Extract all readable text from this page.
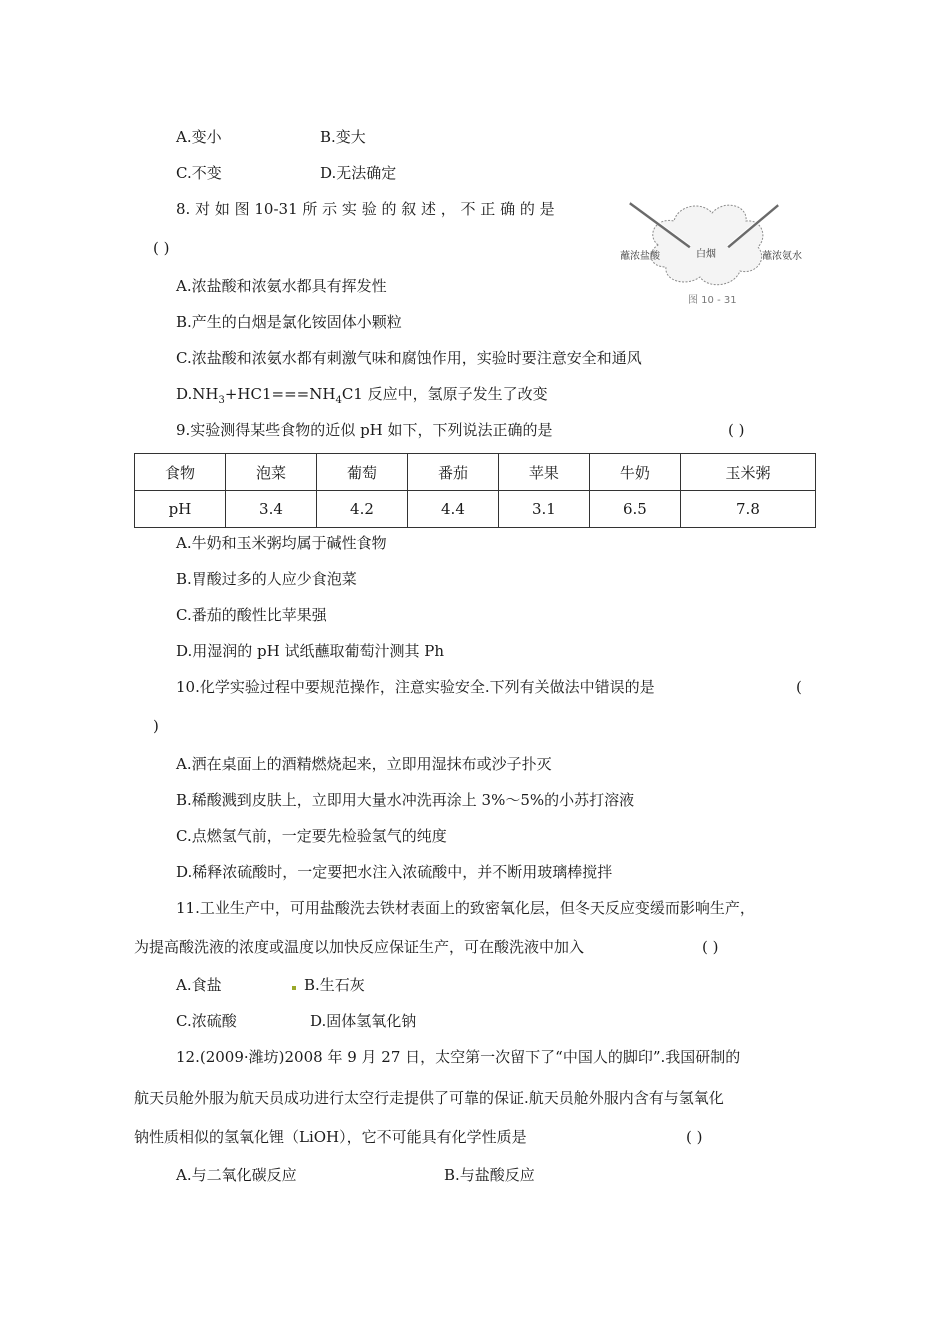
A.变小	B.变大
C.不变	D.无法确定
8. 对 如 图 10-31 所 示 实 验 的 叙 述 ， 不 正 确 的 是
( )	蘸浓盐酸	白烟	蘸浓氨水
图 10 - 31
A.浓盐酸和浓氨水都具有挥发性
B.产生的白烟是氯化铵固体小颗粒
C.浓盐酸和浓氨水都有刺激气味和腐蚀作用，实验时要注意安全和通风
$D.NH_3+HC1===NH_4C1$ 反应中，氢原子发生了改变
9.实验测得某些食物的近似 pH 如下，下列说法正确的是	( )
食物	泡菜	葡萄	番茄	苹果	牛奶	玉米粥
pH	3.4	4.2	4.4	3.1	6.5	7.8
A.牛奶和玉米粥均属于碱性食物
B.胃酸过多的人应少食泡菜
C.番茄的酸性比苹果强
D.用湿润的 pH 试纸蘸取葡萄汁测其 Ph
10.化学实验过程中要规范操作，注意实验安全.下列有关做法中错误的是	(
)
A.洒在桌面上的酒精燃烧起来，立即用湿抹布或沙子扑灭
B.稀酸溅到皮肤上，立即用大量水冲洗再涂上 3%～5%的小苏打溶液
C.点燃氢气前，一定要先检验氢气的纯度
D.稀释浓硫酸时，一定要把水注入浓硫酸中，并不断用玻璃棒搅拌
11.工业生产中，可用盐酸洗去铁材表面上的致密氧化层，但冬天反应变缓而影响生产，
为提高酸洗液的浓度或温度以加快反应保证生产，可在酸洗液中加入	( )
A.食盐	B.生石灰
C.浓硫酸	D.固体氢氧化钠
12.(2009·潍坊)2008 年 9 月 27 日，太空第一次留下了“中国人的脚印”.我国研制的
航天员舱外服为航天员成功进行太空行走提供了可靠的保证.航天员舱外服内含有与氢氧化
钠性质相似的氢氧化锂（LiOH），它不可能具有化学性质是	( )
A.与二氧化碳反应	B.与盐酸反应
